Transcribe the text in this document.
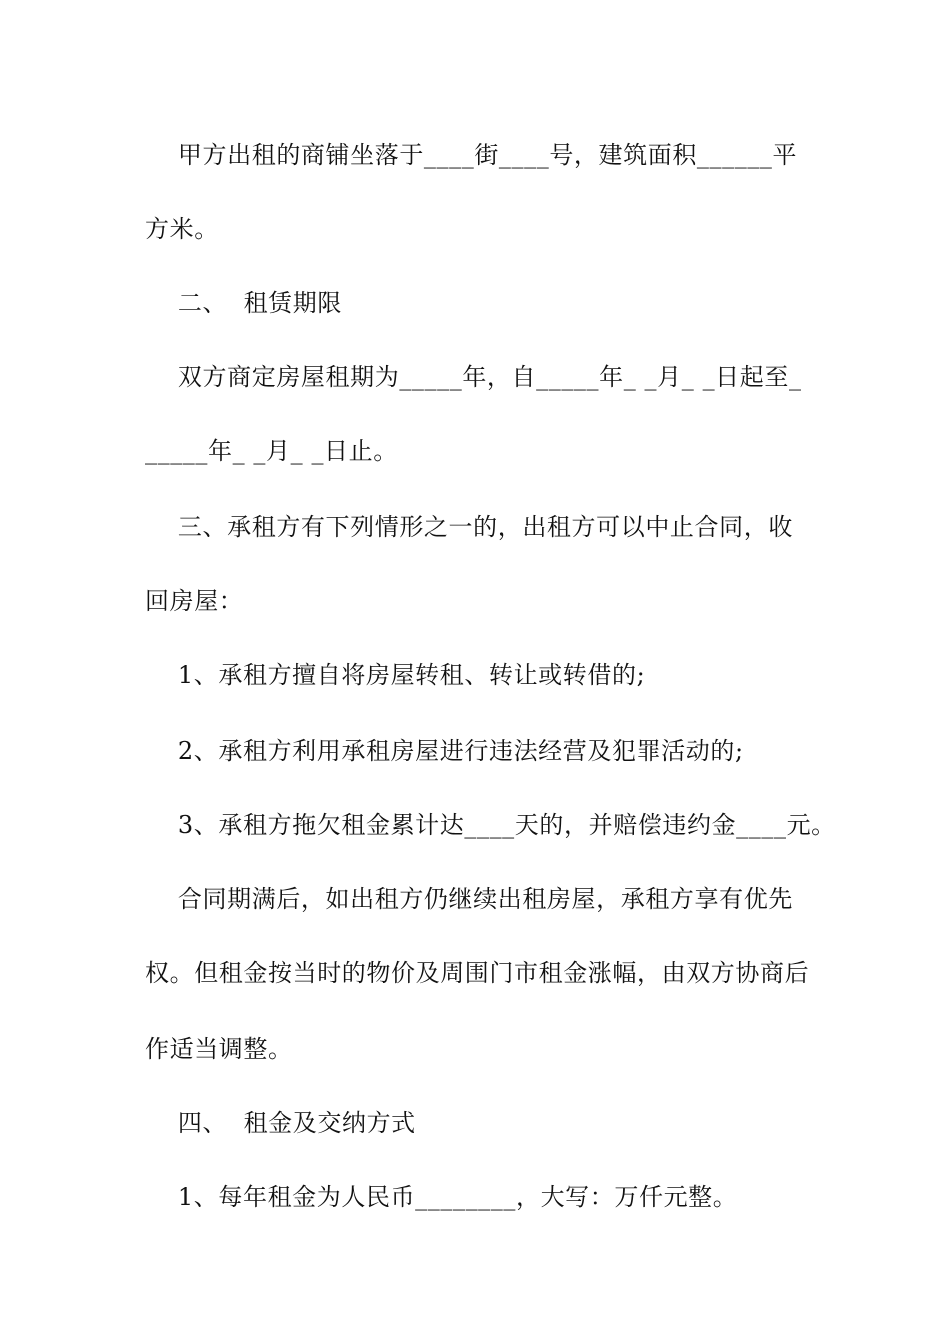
甲方出租的商铺坐落于____街____号，建筑面积______平
方米。
二、  租赁期限
双方商定房屋租期为_____年，自_____年_ _月_ _日起至_
_____年_ _月_ _日止。
三、承租方有下列情形之一的，出租方可以中止合同，收
回房屋：
1、承租方擅自将房屋转租、转让或转借的;
2、承租方利用承租房屋进行违法经营及犯罪活动的;
3、承租方拖欠租金累计达____天的，并赔偿违约金____元。
合同期满后，如出租方仍继续出租房屋，承租方享有优先
权。但租金按当时的物价及周围门市租金涨幅，由双方协商后
作适当调整。
四、  租金及交纳方式
1、每年租金为人民币________，大写：万仟元整。
